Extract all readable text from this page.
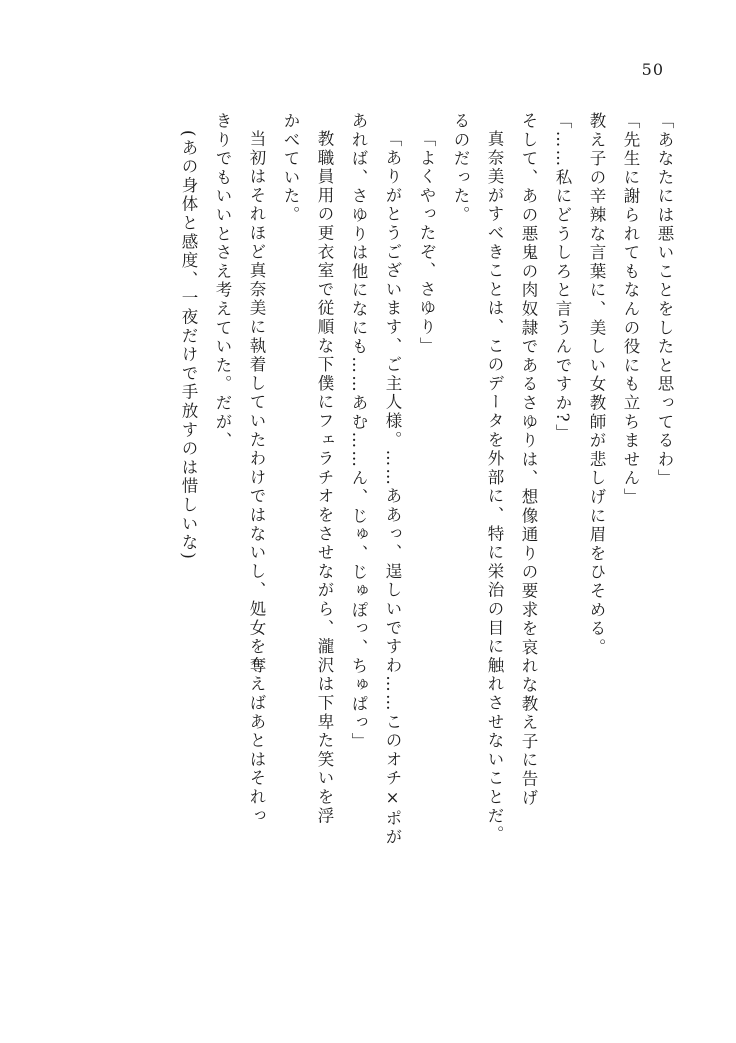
50
「あなたには悪いことをしたと思ってるわ」
「先生に謝られてもなんの役にも立ちません」
教え子の辛辣な言葉に、美しい女教師が悲しげに眉をひそめる。
「……私にどうしろと言うんですか?」
そして、あの悪鬼の肉奴隷であるさゆりは、想像通りの要求を哀れな教え子に告げ
真奈美がすべきことは、このデータを外部に、特に栄治の目に触れさせないことだ。
るのだった。
「よくやったぞ、さゆり」
「ありがとうございます、ご主人様。……ああっ、逞しいですわ……このオチ×ポが
あれば、さゆりは他になにも……あむ……ん、じゅ、じゅぽっ、ちゅぱっ」
教職員用の更衣室で従順な下僕にフェラチオをさせながら、瀧沢は下卑た笑いを浮
かべていた。
当初はそれほど真奈美に執着していたわけではないし、処女を奪えばあとはそれっ
きりでもいいとさえ考えていた。だが、
(あの身体と感度、一夜だけで手放すのは惜しいな)
